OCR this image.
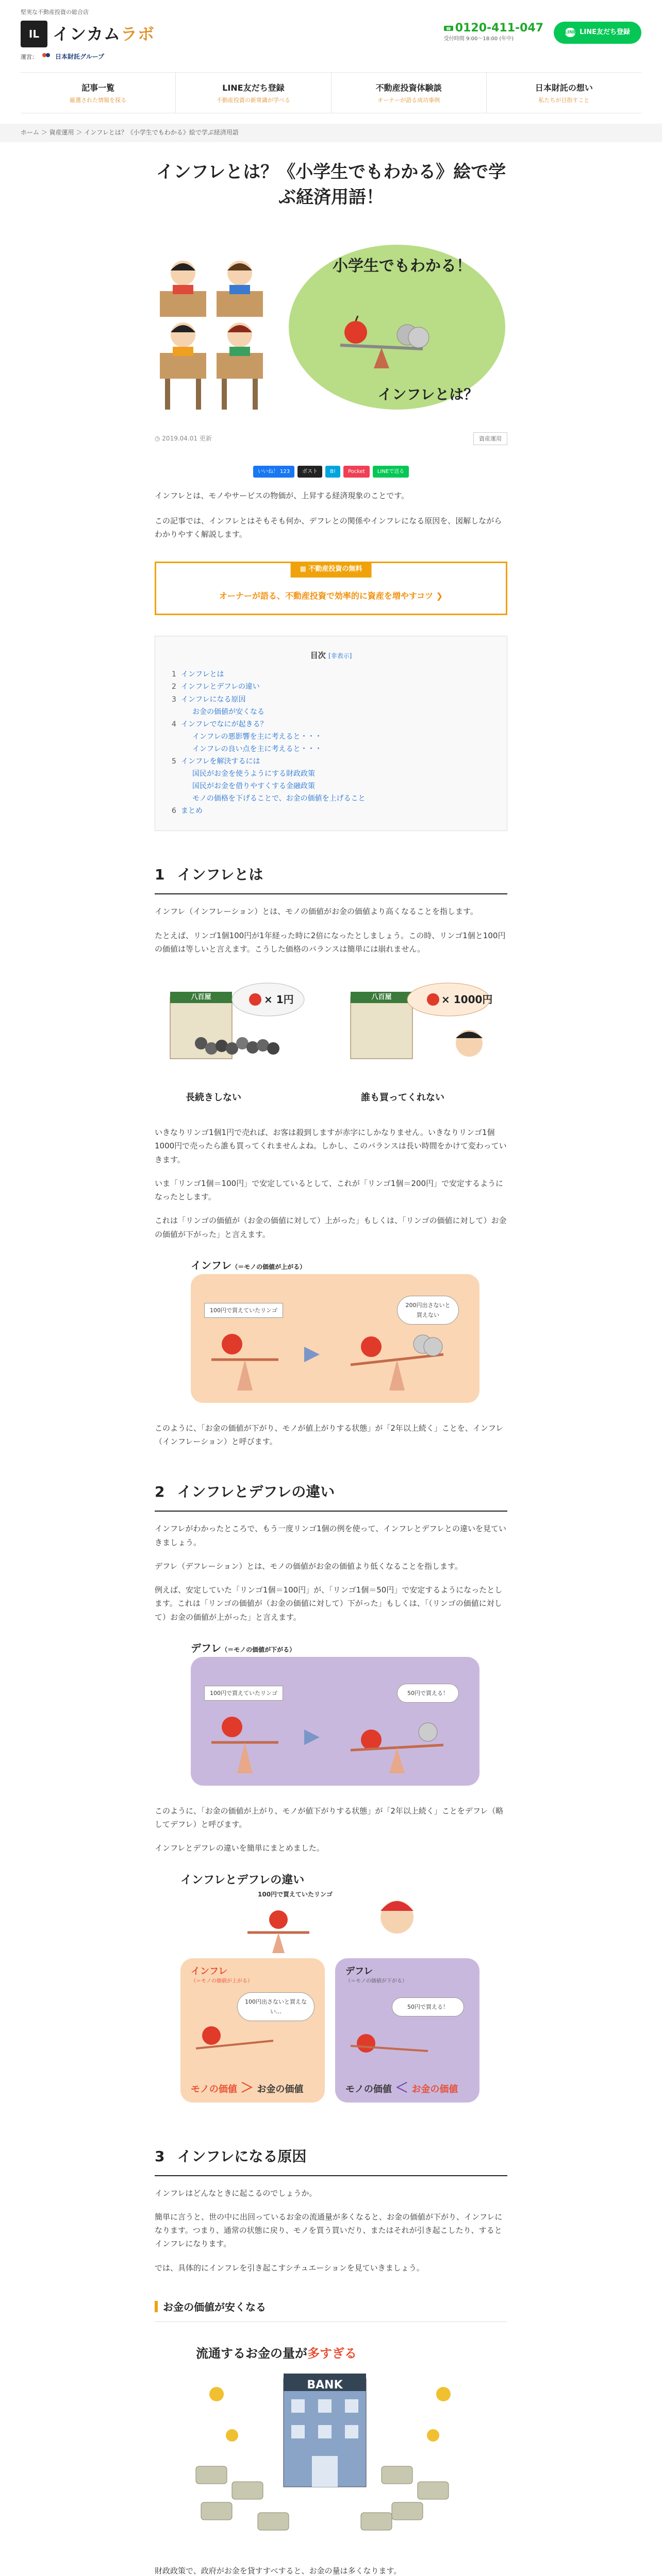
堅実な不動産投資の総合店
IL インカムラボ
運営：	日本財託グループ
☎ 0120-411-047
受付時間 9:00〜18:00 (年中)
LINE LINE友だち登録
記事一覧
厳選された情報を探る
LINE友だち登録
不動産投資の新常識が学べる
不動産投資体験談
オーナーが語る成功事例
日本財託の想い
私たちが目指すこと
ホーム ＞ 資産運用 ＞ インフレとは？《小学生でもわかる》絵で学ぶ経済用語
インフレとは？《小学生でもわかる》絵で学ぶ経済用語！
小学生でもわかる！
インフレとは？
◷ 2019.04.01 更新	資産運用
いいね！ 123	ポスト	B!	Pocket	LINEで送る

インフレとは、モノやサービスの物価が、上昇する経済現象のことです。

この記事では、インフレとはそもそも何か、デフレとの関係やインフレになる原因を、図解しながらわかりやすく解説します。

▦ 不動産投資の無料
オーナーが語る、不動産投資で効率的に資産を増やすコツ ❯
目次 [非表示]
1 インフレとは
2 インフレとデフレの違い
3 インフレになる原因
お金の価値が安くなる
4 インフレでなにが起きる？
インフレの悪影響を主に考えると・・・
インフレの良い点を主に考えると・・・
5 インフレを解決するには
国民がお金を使うようにする財政政策
国民がお金を借りやすくする金融政策
モノの価格を下げることで、お金の価値を上げること
6 まとめ
1 インフレとは

インフレ（インフレーション）とは、モノの価値がお金の価値より高くなることを指します。

たとえば、リンゴ1個100円が1年経った時に2倍になったとしましょう。この時、リンゴ1個と100円の価値は等しいと言えます。こうした価格のバランスは簡単には崩れません。

八百屋	八百屋
× 1円	× 1000円
長続きしない	誰も買ってくれない

いきなりリンゴ1個1円で売れば、お客は殺到しますが赤字にしかなりません。いきなりリンゴ1個1000円で売ったら誰も買ってくれませんよね。しかし、このバランスは長い時間をかけて変わっていきます。

いま「リンゴ1個＝100円」で安定しているとして、これが「リンゴ1個＝200円」で安定するようになったとします。

これは「リンゴの価値が（お金の価値に対して）上がった」もしくは、「リンゴの価値に対して）お金の価値が下がった」と言えます。

インフレ（＝モノの価値が上がる）
100円で買えていたリンゴ
200円出さないと買えない

このように、「お金の価値が下がり、モノが値上がりする状態」が「2年以上続く」ことを、インフレ（インフレーション）と呼びます。

2 インフレとデフレの違い

インフレがわかったところで、もう一度リンゴ1個の例を使って、インフレとデフレとの違いを見ていきましょう。

デフレ（デフレーション）とは、モノの価値がお金の価値より低くなることを指します。

例えば、安定していた「リンゴ1個＝100円」が、「リンゴ1個＝50円」で安定するようになったとします。これは「リンゴの価値が（お金の価値に対して）下がった」もしくは、「（リンゴの価値に対して）お金の価値が上がった」と言えます。

デフレ（＝モノの価値が下がる）
100円で買えていたリンゴ	50円で買える！

このように、「お金の価値が上がり、モノが値下がりする状態」が「2年以上続く」ことをデフレ（略してデフレ）と呼びます。

インフレとデフレの違いを簡単にまとめました。

インフレとデフレの違い
100円で買えていたリンゴ
インフレ
（＝モノの価値が上がる）
100円出さないと買えない…
モノの価値 ＞ お金の価値
デフレ
（＝モノの価値が下がる）
50円で買える！
モノの価値 ＜ お金の価値
3 インフレになる原因

インフレはどんなときに起こるのでしょうか。

簡単に言うと、世の中に出回っているお金の流通量が多くなると、お金の価値が下がり、インフレになります。つまり、通常の状態に戻り、モノを買う買いだり、またはそれが引き起こしたり、するとインフレになります。

では、具体的にインフレを引き起こすシチュエーションを見ていきましょう。

お金の価値が安くなる
流通するお金の量が多すぎる
BANK

財政政策で、政府がお金を貸すすべすると、お金の量は多くなります。
